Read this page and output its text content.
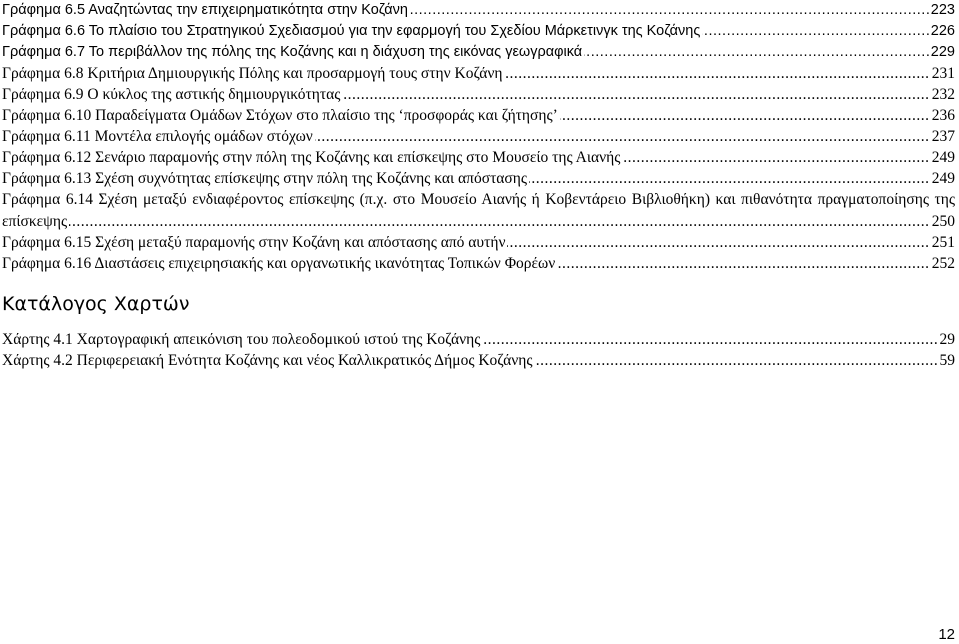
Γράφημα 6.5 Αναζητώντας την επιχειρηματικότητα στην Κοζάνη	223
.....
Γράφημα 6.6 Το πλαίσιο του Στρατηγικού Σχεδιασμού για την εφαρμογή του Σχεδίου Μάρκετινγκ της Κοζάνης	226
.....
Γράφημα 6.7 Το περιβάλλον της πόλης της Κοζάνης και η διάχυση της εικόνας γεωγραφικά	229
.....
Γράφημα 6.8 Κριτήρια Δημιουργικής Πόλης και προσαρμογή τους στην Κοζάνη	231
.....
Γράφημα 6.9 Ο κύκλος της αστικής δημιουργικότητας	232
.....
Γράφημα 6.10 Παραδείγματα Ομάδων Στόχων στο πλαίσιο της ‘προσφοράς και ζήτησης’	236
.....
Γράφημα 6.11 Μοντέλα επιλογής ομάδων στόχων	237
.....
Γράφημα 6.12 Σενάριο παραμονής στην πόλη της Κοζάνης και επίσκεψης στο Μουσείο της Αιανής	249
.....
Γράφημα 6.13 Σχέση συχνότητας επίσκεψης στην πόλη της Κοζάνης και απόστασης	249
.....
Γράφημα 6.14 Σχέση μεταξύ ενδιαφέροντος επίσκεψης (π.χ. στο Μουσείο Αιανής ή Κοβεντάρειο Βιβλιοθήκη) και πιθανότητα πραγματοποίησης της
επίσκεψης	250
.....
Γράφημα 6.15 Σχέση μεταξύ παραμονής στην Κοζάνη και απόστασης από αυτήν	251
.....
Γράφημα 6.16 Διαστάσεις επιχειρησιακής και οργανωτικής ικανότητας Τοπικών Φορέων	252
.....
Κατάλογος Χαρτών
Χάρτης 4.1 Χαρτογραφική απεικόνιση του πολεοδομικού ιστού της Κοζάνης	29
.....
Χάρτης 4.2 Περιφερειακή Ενότητα Κοζάνης και νέος Καλλικρατικός Δήμος Κοζάνης	59
.....
12
